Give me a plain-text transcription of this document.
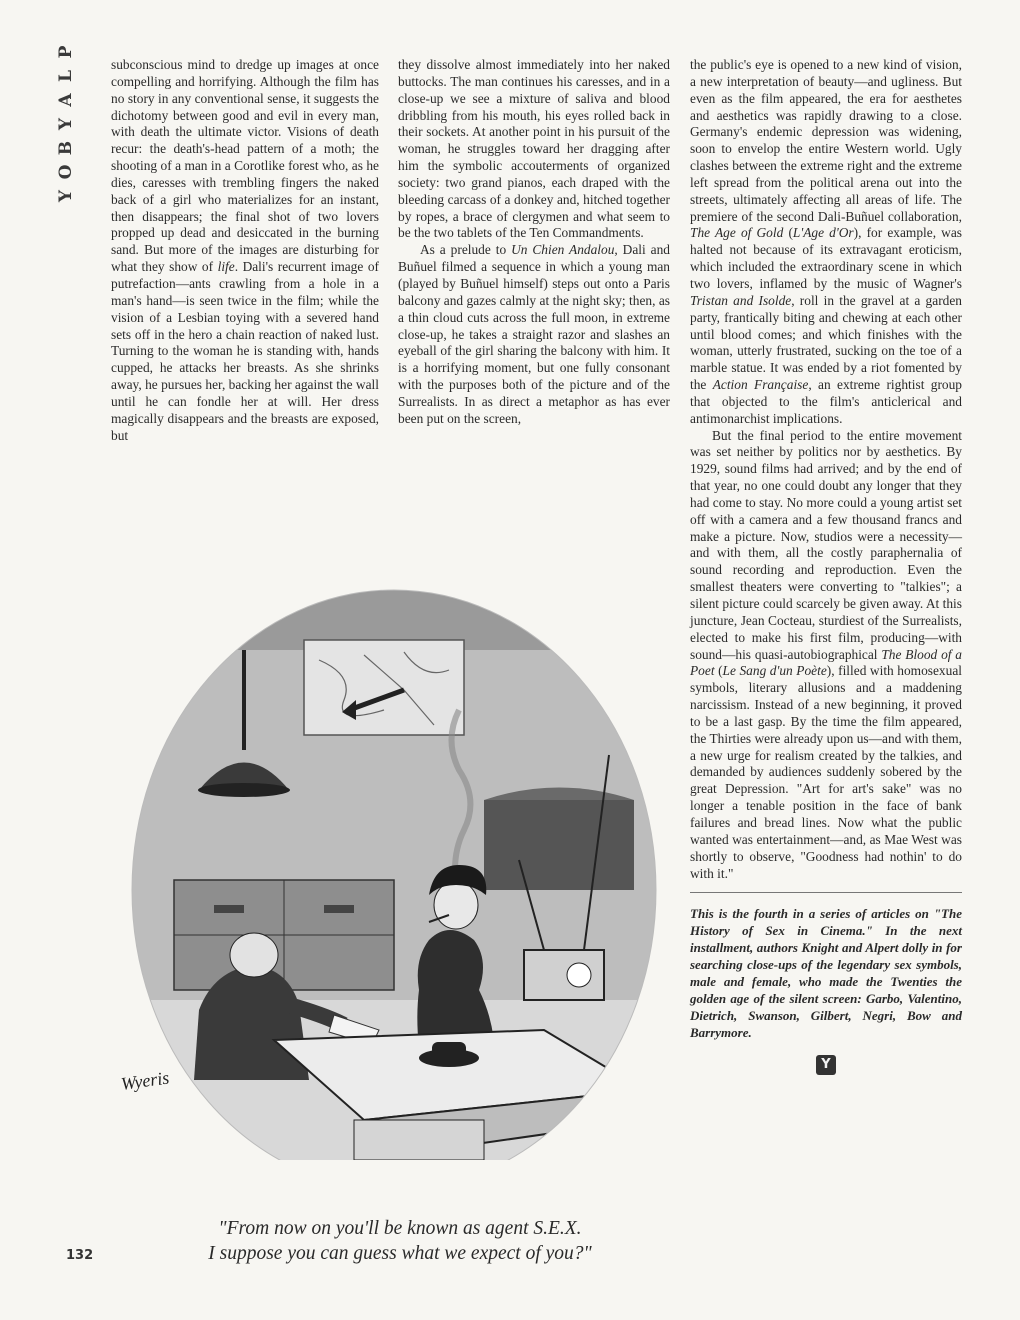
P
L
A
Y
B
O
Y

subconscious mind to dredge up images at once compelling and horrifying. Although the film has no story in any conventional sense, it suggests the dichotomy between good and evil in every man, with death the ultimate victor. Visions of death recur: the death's-head pattern of a moth; the shooting of a man in a Corotlike forest who, as he dies, caresses with trembling fingers the naked back of a girl who materializes for an instant, then disappears; the final shot of two lovers propped up dead and desiccated in the burning sand. But more of the images are disturbing for what they show of life. Dali's recurrent image of putrefaction—ants crawling from a hole in a man's hand—is seen twice in the film; while the vision of a Lesbian toying with a severed hand sets off in the hero a chain reaction of naked lust. Turning to the woman he is standing with, hands cupped, he attacks her breasts. As she shrinks away, he pursues her, backing her against the wall until he can fondle her at will. Her dress magically disappears and the breasts are exposed, but

they dissolve almost immediately into her naked buttocks. The man continues his caresses, and in a close-up we see a mixture of saliva and blood dribbling from his mouth, his eyes rolled back in their sockets. At another point in his pursuit of the woman, he struggles toward her dragging after him the symbolic accouterments of organized society: two grand pianos, each draped with the bleeding carcass of a donkey and, hitched together by ropes, a brace of clergymen and what seem to be the two tablets of the Ten Commandments.

As a prelude to Un Chien Andalou, Dali and Buñuel filmed a sequence in which a young man (played by Buñuel himself) steps out onto a Paris balcony and gazes calmly at the night sky; then, as a thin cloud cuts across the full moon, in extreme close-up, he takes a straight razor and slashes an eyeball of the girl sharing the balcony with him. It is a horrifying moment, but one fully consonant with the purposes both of the picture and of the Surrealists. In as direct a metaphor as has ever been put on the screen,

the public's eye is opened to a new kind of vision, a new interpretation of beauty—and ugliness. But even as the film appeared, the era for aesthetes and aesthetics was rapidly drawing to a close. Germany's endemic depression was widening, soon to envelop the entire Western world. Ugly clashes between the extreme right and the extreme left spread from the political arena out into the streets, ultimately affecting all areas of life. The premiere of the second Dali-Buñuel collaboration, The Age of Gold (L'Age d'Or), for example, was halted not because of its extravagant eroticism, which included the extraordinary scene in which two lovers, inflamed by the music of Wagner's Tristan and Isolde, roll in the gravel at a garden party, frantically biting and chewing at each other until blood comes; and which finishes with the woman, utterly frustrated, sucking on the toe of a marble statue. It was ended by a riot fomented by the Action Française, an extreme rightist group that objected to the film's anticlerical and antimonarchist implications.

But the final period to the entire movement was set neither by politics nor by aesthetics. By 1929, sound films had arrived; and by the end of that year, no one could doubt any longer that they had come to stay. No more could a young artist set off with a camera and a few thousand francs and make a picture. Now, studios were a necessity—and with them, all the costly paraphernalia of sound recording and reproduction. Even the smallest theaters were converting to "talkies"; a silent picture could scarcely be given away. At this juncture, Jean Cocteau, sturdiest of the Surrealists, elected to make his first film, producing—with sound—his quasi-autobiographical The Blood of a Poet (Le Sang d'un Poète), filled with homosexual symbols, literary allusions and a maddening narcissism. Instead of a new beginning, it proved to be a last gasp. By the time the film appeared, the Thirties were already upon us—and with them, a new urge for realism created by the talkies, and demanded by audiences suddenly sobered by the great Depression. "Art for art's sake" was no longer a tenable position in the face of bank failures and bread lines. Now what the public wanted was entertainment—and, as Mae West was shortly to observe, "Goodness had nothin' to do with it."

This is the fourth in a series of articles on "The History of Sex in Cinema." In the next installment, authors Knight and Alpert dolly in for searching close-ups of the legendary sex symbols, male and female, who made the Twenties the golden age of the silent screen: Garbo, Valentino, Dietrich, Swanson, Gilbert, Negri, Bow and Barrymore.
Y
Wyeris
"From now on you'll be known as agent S.E.X.
I suppose you can guess what we expect of you?"
132
